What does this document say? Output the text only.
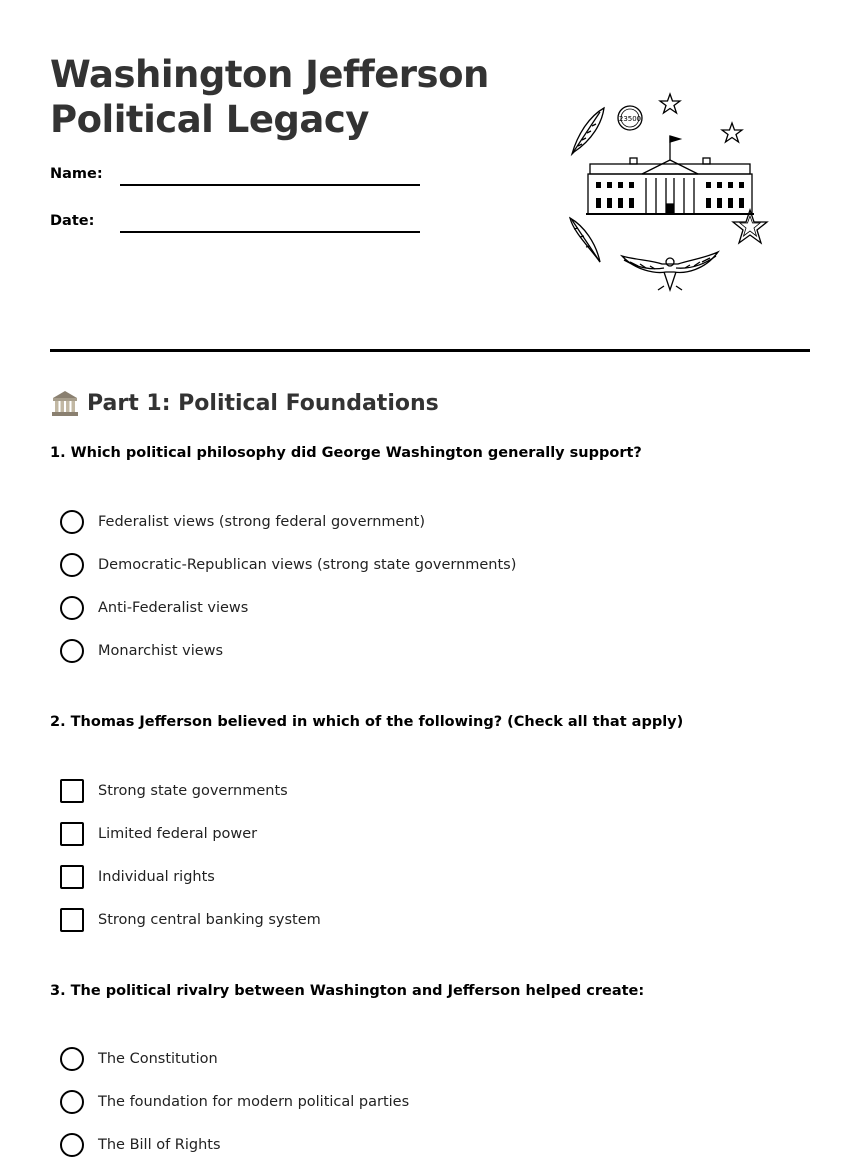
Washington Jefferson
Political Legacy
Name:
Date:
23500
Part 1: Political Foundations
1. Which political philosophy did George Washington generally support?
Federalist views (strong federal government)
Democratic-Republican views (strong state governments)
Anti-Federalist views
Monarchist views
2. Thomas Jefferson believed in which of the following? (Check all that apply)
Strong state governments
Limited federal power
Individual rights
Strong central banking system
3. The political rivalry between Washington and Jefferson helped create:
The Constitution
The foundation for modern political parties
The Bill of Rights
